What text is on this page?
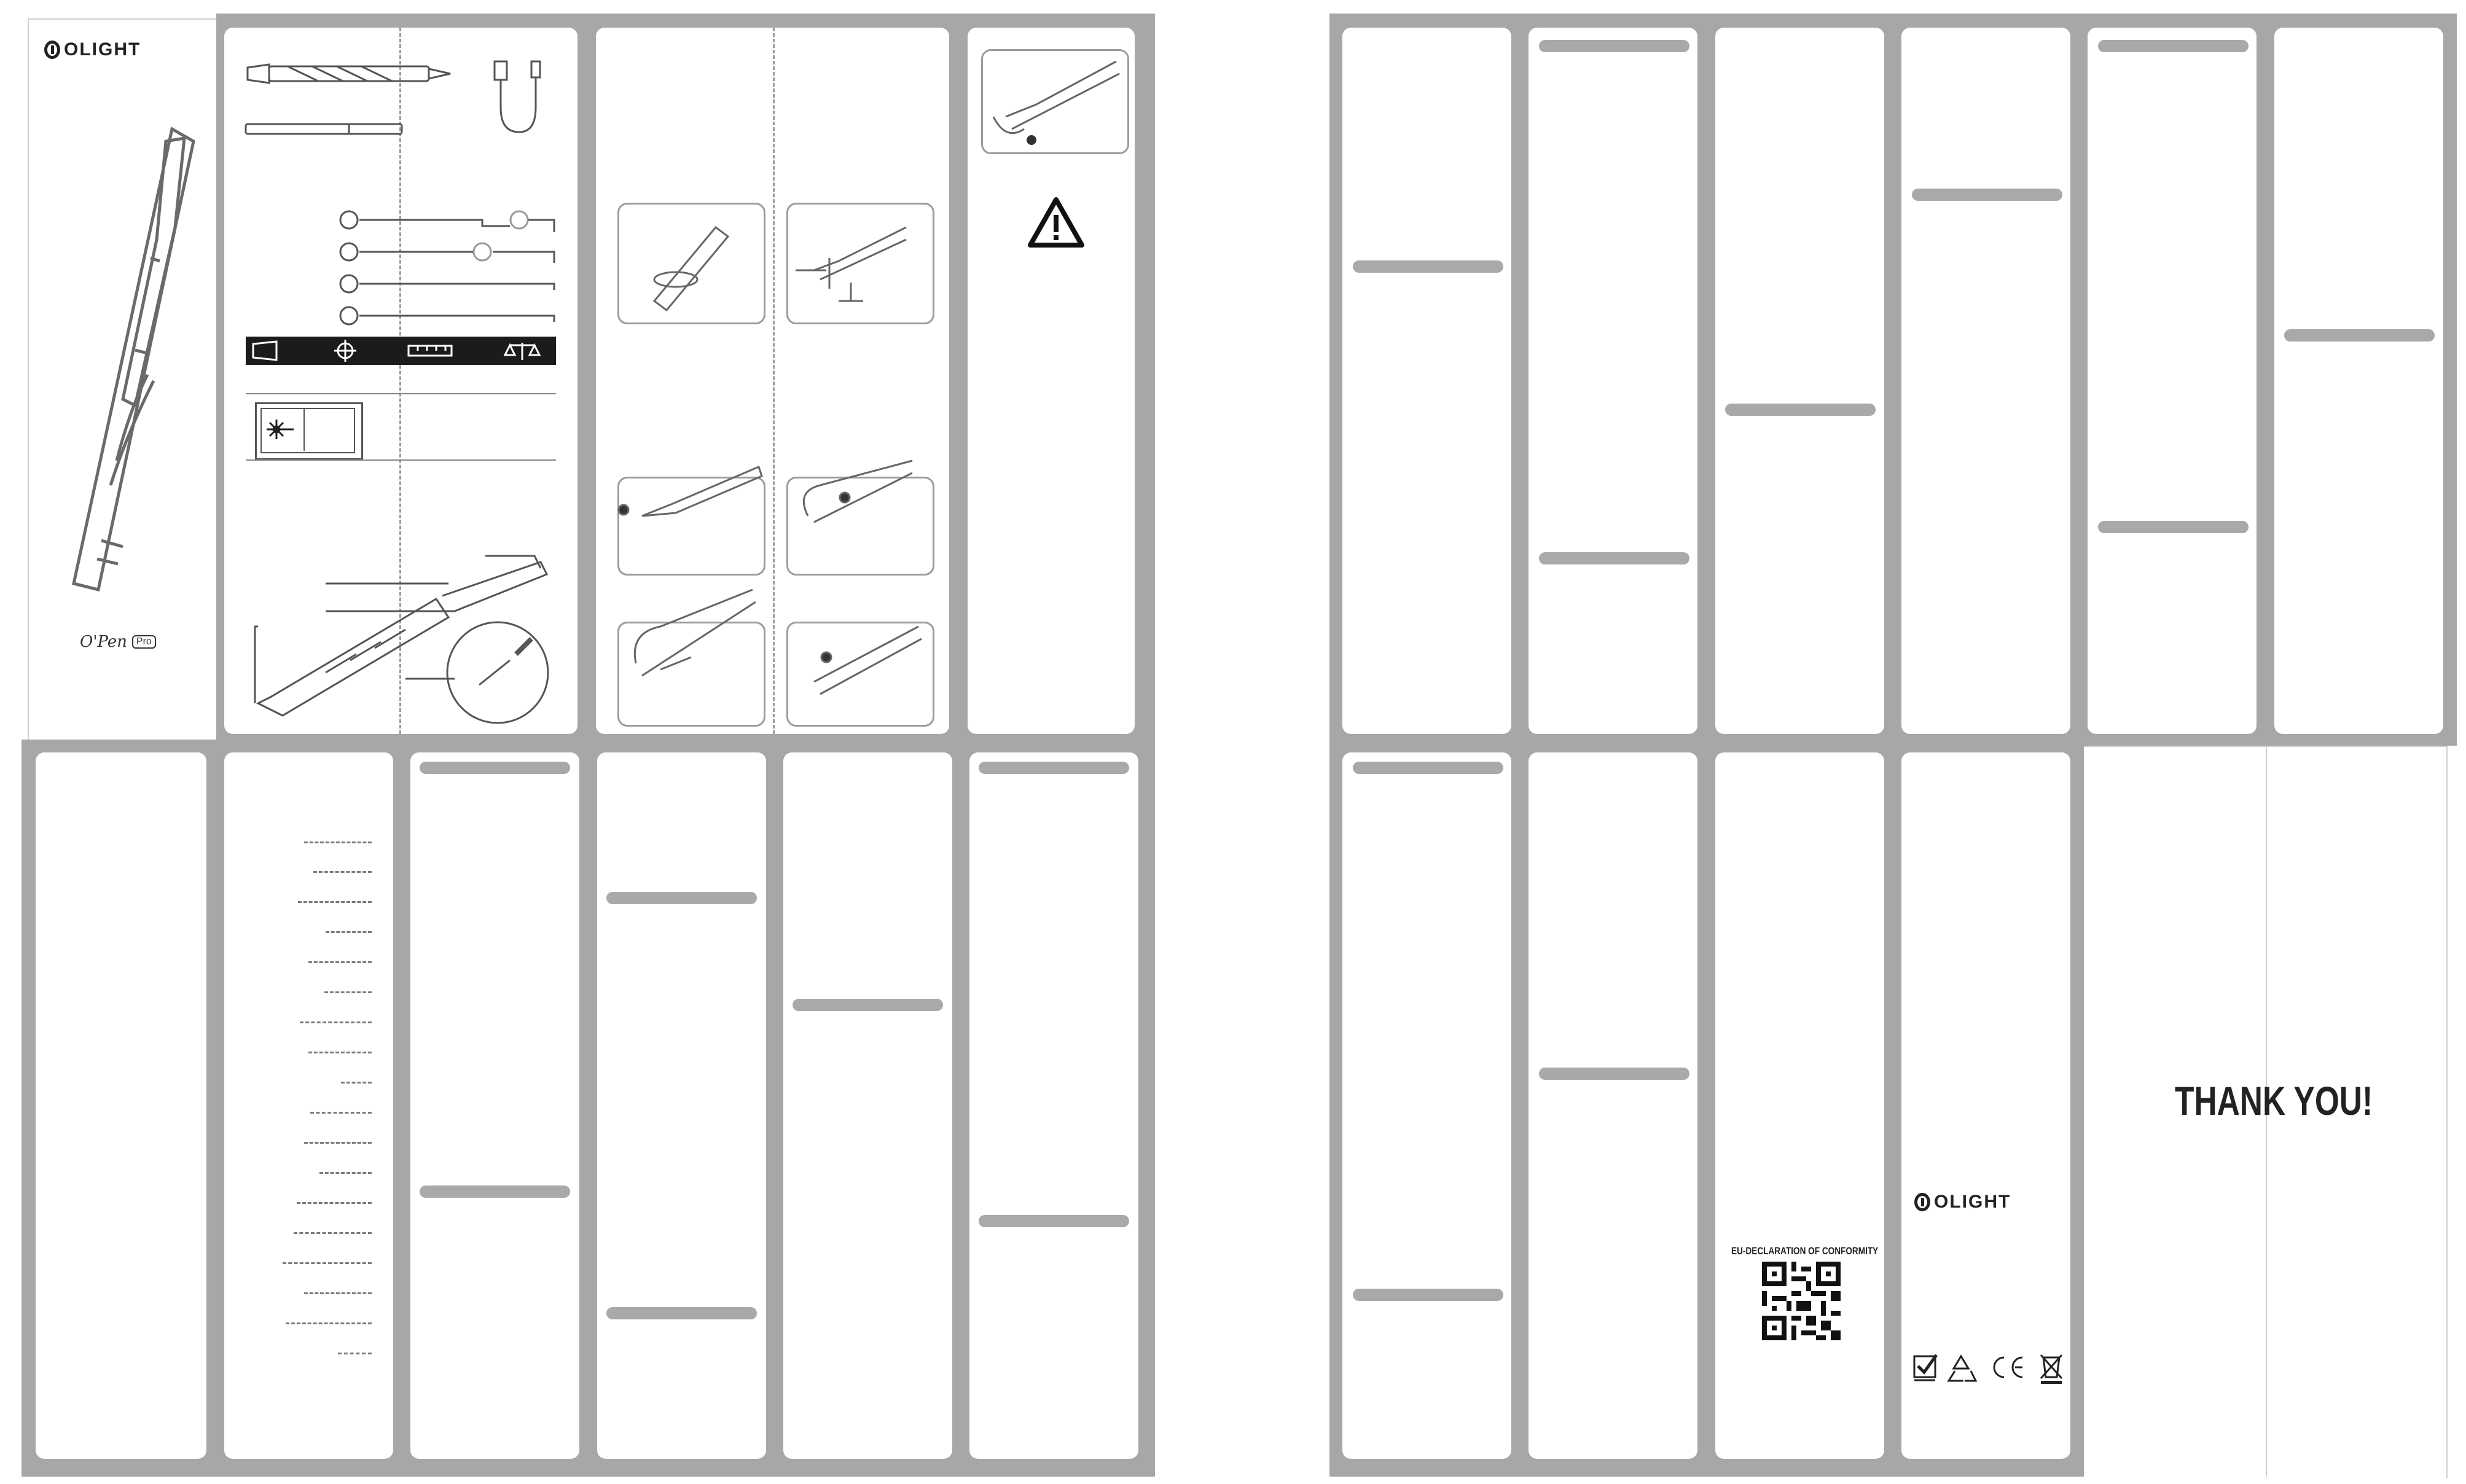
OLIGHT
O'Pen Pro
THANK YOU!
EU-DECLARATION OF CONFORMITY
OLIGHT
